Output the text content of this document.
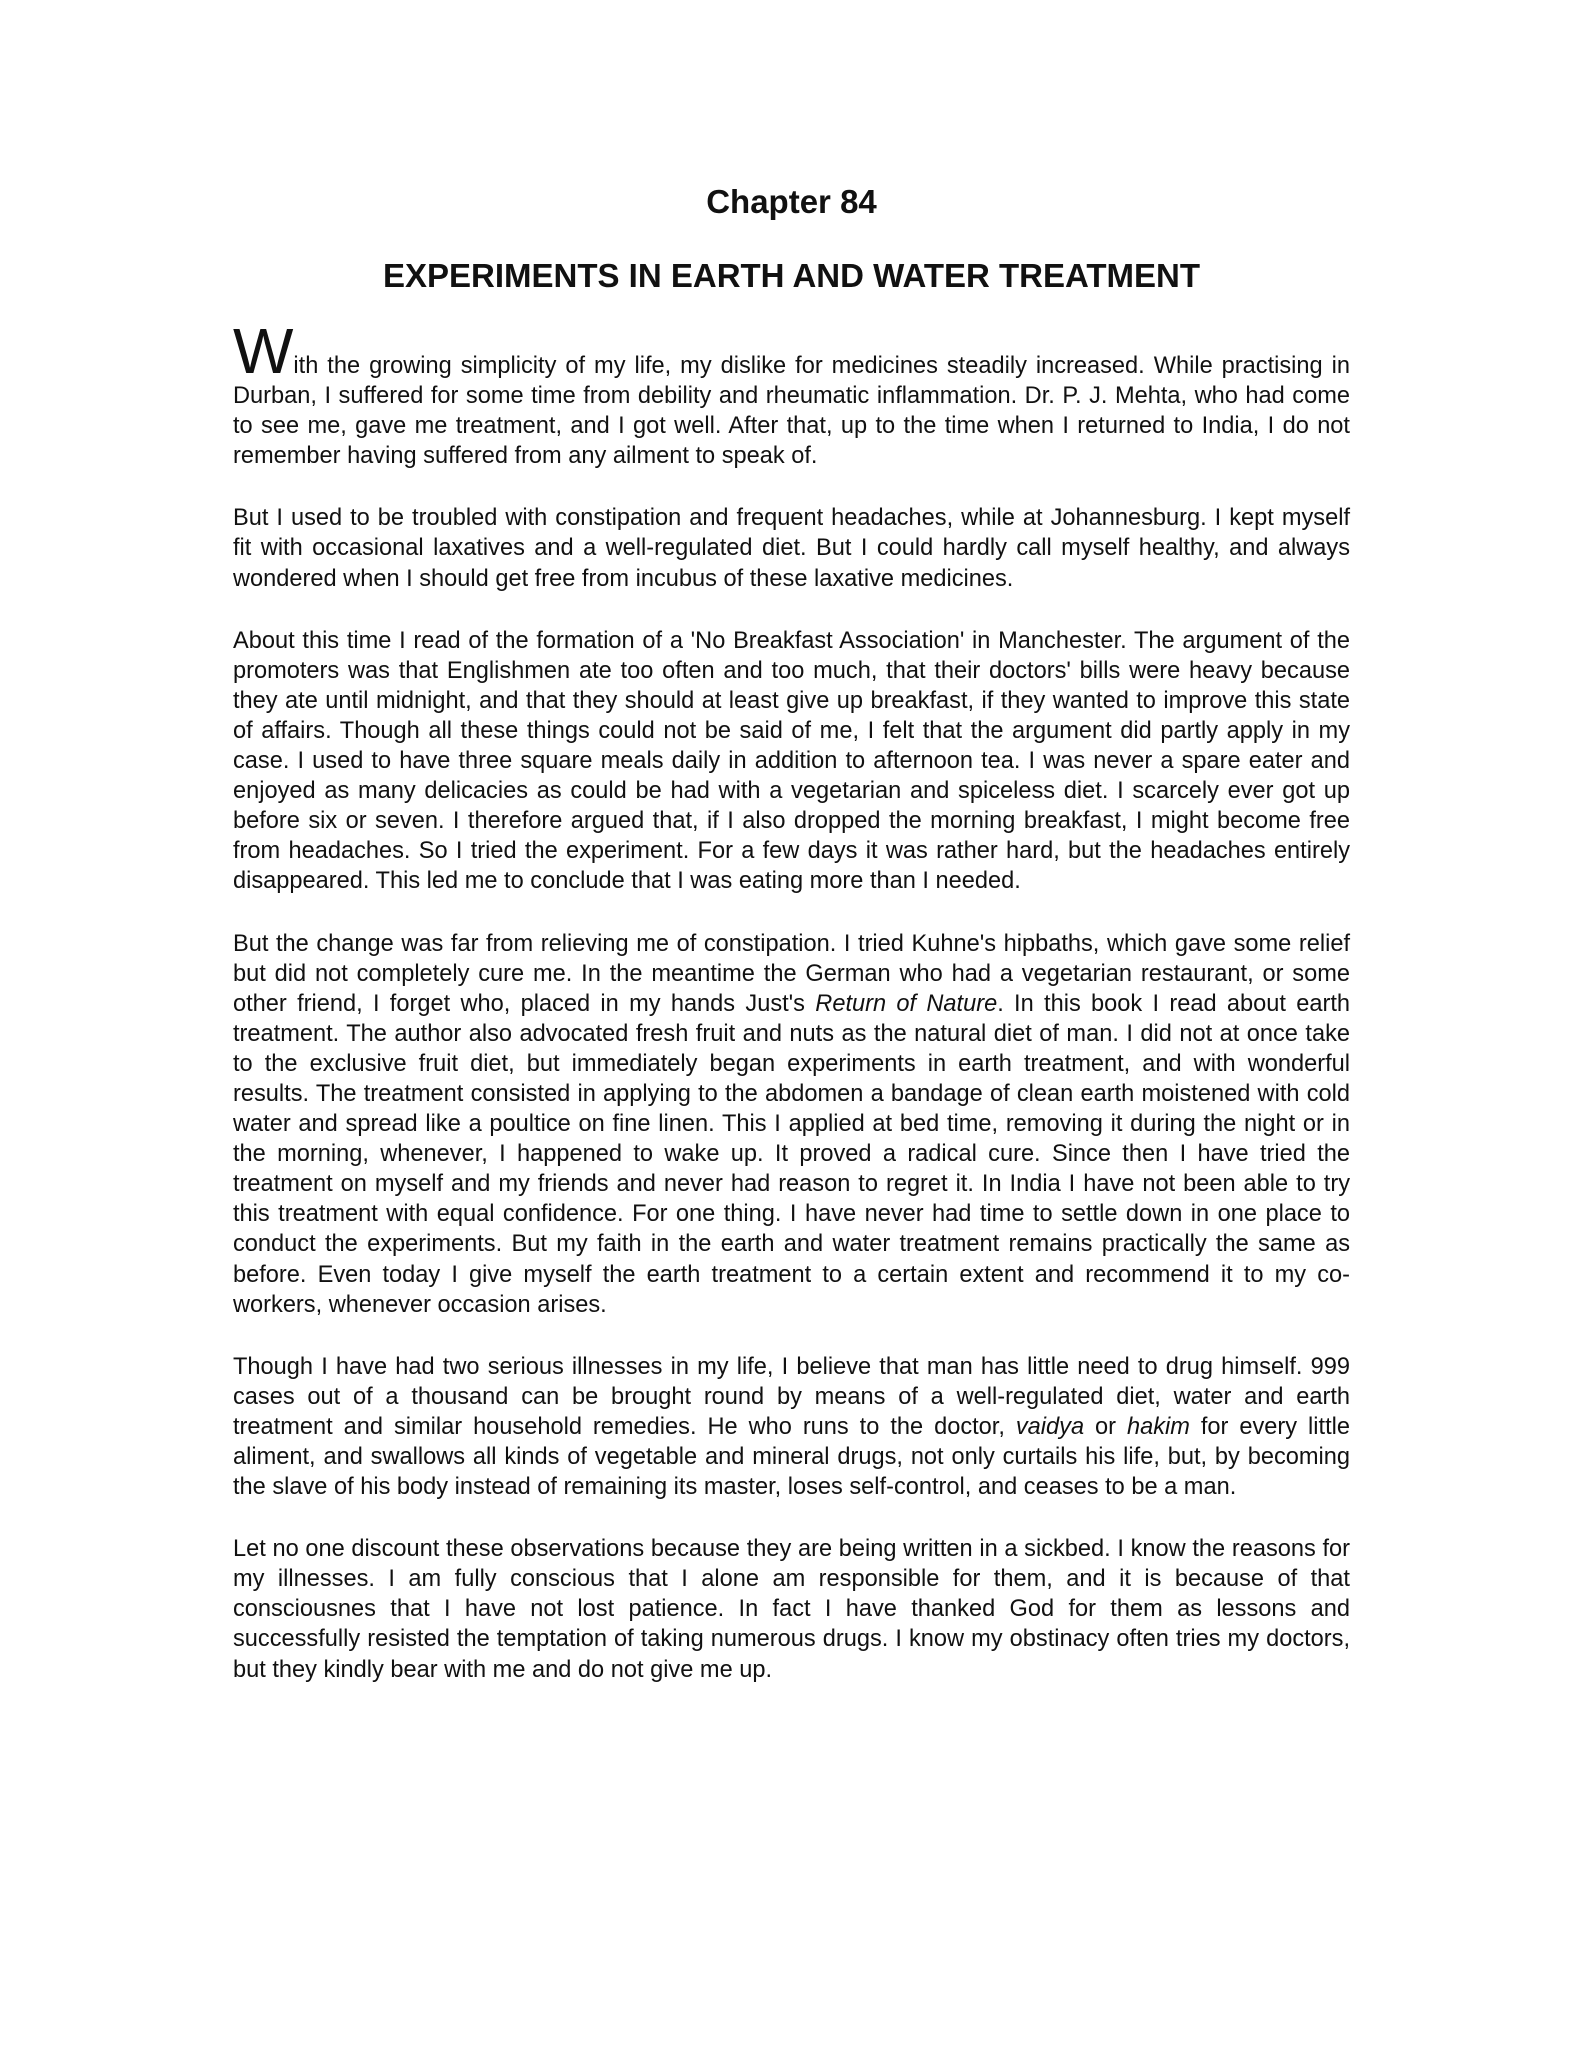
Chapter 84
EXPERIMENTS IN EARTH AND WATER TREATMENT

With the growing simplicity of my life, my dislike for medicines steadily increased. While practising in Durban, I suffered for some time from debility and rheumatic inflammation. Dr. P. J. Mehta, who had come to see me, gave me treatment, and I got well. After that, up to the time when I returned to India, I do not remember having suffered from any ailment to speak of.

But I used to be troubled with constipation and frequent headaches, while at Johannesburg. I kept myself fit with occasional laxatives and a well-regulated diet. But I could hardly call myself healthy, and always wondered when I should get free from incubus of these laxative medicines.

About this time I read of the formation of a 'No Breakfast Association' in Manchester. The argument of the promoters was that Englishmen ate too often and too much, that their doctors' bills were heavy because they ate until midnight, and that they should at least give up breakfast, if they wanted to improve this state of affairs. Though all these things could not be said of me, I felt that the argument did partly apply in my case. I used to have three square meals daily in addition to afternoon tea. I was never a spare eater and enjoyed as many delicacies as could be had with a vegetarian and spiceless diet. I scarcely ever got up before six or seven. I therefore argued that, if I also dropped the morning breakfast, I might become free from headaches. So I tried the experiment. For a few days it was rather hard, but the headaches entirely disappeared. This led me to conclude that I was eating more than I needed.

But the change was far from relieving me of constipation. I tried Kuhne's hipbaths, which gave some relief but did not completely cure me. In the meantime the German who had a vegetarian restaurant, or some other friend, I forget who, placed in my hands Just's Return of Nature. In this book I read about earth treatment. The author also advocated fresh fruit and nuts as the natural diet of man. I did not at once take to the exclusive fruit diet, but immediately began experiments in earth treatment, and with wonderful results. The treatment consisted in applying to the abdomen a bandage of clean earth moistened with cold water and spread like a poultice on fine linen. This I applied at bed time, removing it during the night or in the morning, whenever, I happened to wake up. It proved a radical cure. Since then I have tried the treatment on myself and my friends and never had reason to regret it. In India I have not been able to try this treatment with equal confidence. For one thing. I have never had time to settle down in one place to conduct the experiments. But my faith in the earth and water treatment remains practically the same as before. Even today I give myself the earth treatment to a certain extent and recommend it to my co-workers, whenever occasion arises.

Though I have had two serious illnesses in my life, I believe that man has little need to drug himself. 999 cases out of a thousand can be brought round by means of a well-regulated diet, water and earth treatment and similar household remedies. He who runs to the doctor, vaidya or hakim for every little aliment, and swallows all kinds of vegetable and mineral drugs, not only curtails his life, but, by becoming the slave of his body instead of remaining its master, loses self-control, and ceases to be a man.

Let no one discount these observations because they are being written in a sickbed. I know the reasons for my illnesses. I am fully conscious that I alone am responsible for them, and it is because of that consciousnes that I have not lost patience. In fact I have thanked God for them as lessons and successfully resisted the temptation of taking numerous drugs. I know my obstinacy often tries my doctors, but they kindly bear with me and do not give me up.
